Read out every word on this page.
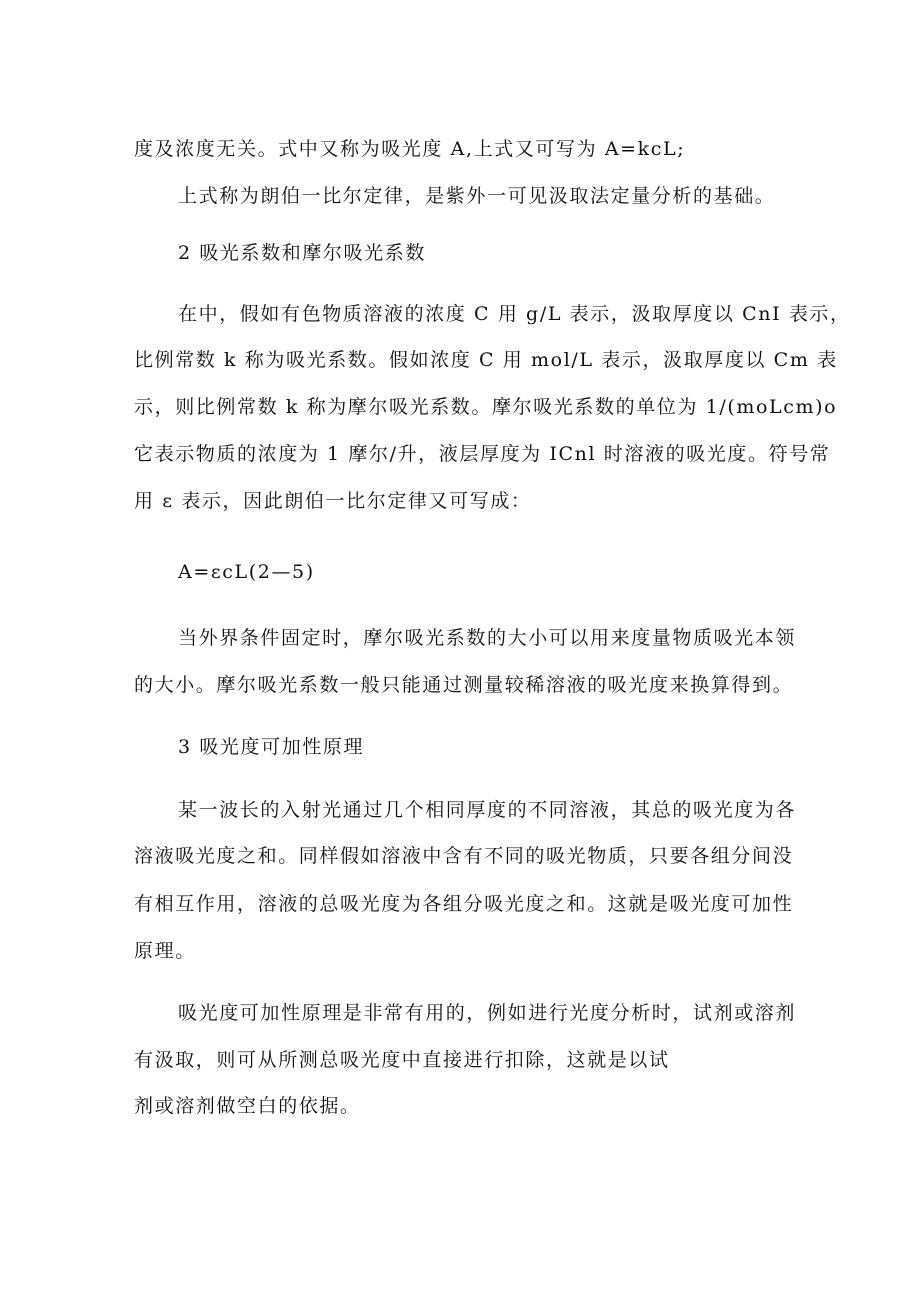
度及浓度无关。式中又称为吸光度 A,上式又可写为 A=kcL;
上式称为朗伯一比尔定律，是紫外一可见汲取法定量分析的基础。
2 吸光系数和摩尔吸光系数
在中，假如有色物质溶液的浓度 C 用 g/L 表示，汲取厚度以 CnI 表示，
比例常数 k 称为吸光系数。假如浓度 C 用 mol/L 表示，汲取厚度以 Cm 表
示，则比例常数 k 称为摩尔吸光系数。摩尔吸光系数的单位为 1/(moLcm)o
它表示物质的浓度为 1 摩尔/升，液层厚度为 ICnl 时溶液的吸光度。符号常
用 ε 表示，因此朗伯一比尔定律又可写成：
A=εcL(2—5)
当外界条件固定时，摩尔吸光系数的大小可以用来度量物质吸光本领
的大小。摩尔吸光系数一般只能通过测量较稀溶液的吸光度来换算得到。
3 吸光度可加性原理
某一波长的入射光通过几个相同厚度的不同溶液，其总的吸光度为各
溶液吸光度之和。同样假如溶液中含有不同的吸光物质，只要各组分间没
有相互作用，溶液的总吸光度为各组分吸光度之和。这就是吸光度可加性
原理。
吸光度可加性原理是非常有用的，例如进行光度分析时，试剂或溶剂
有汲取，则可从所测总吸光度中直接进行扣除，这就是以试
剂或溶剂做空白的依据。
